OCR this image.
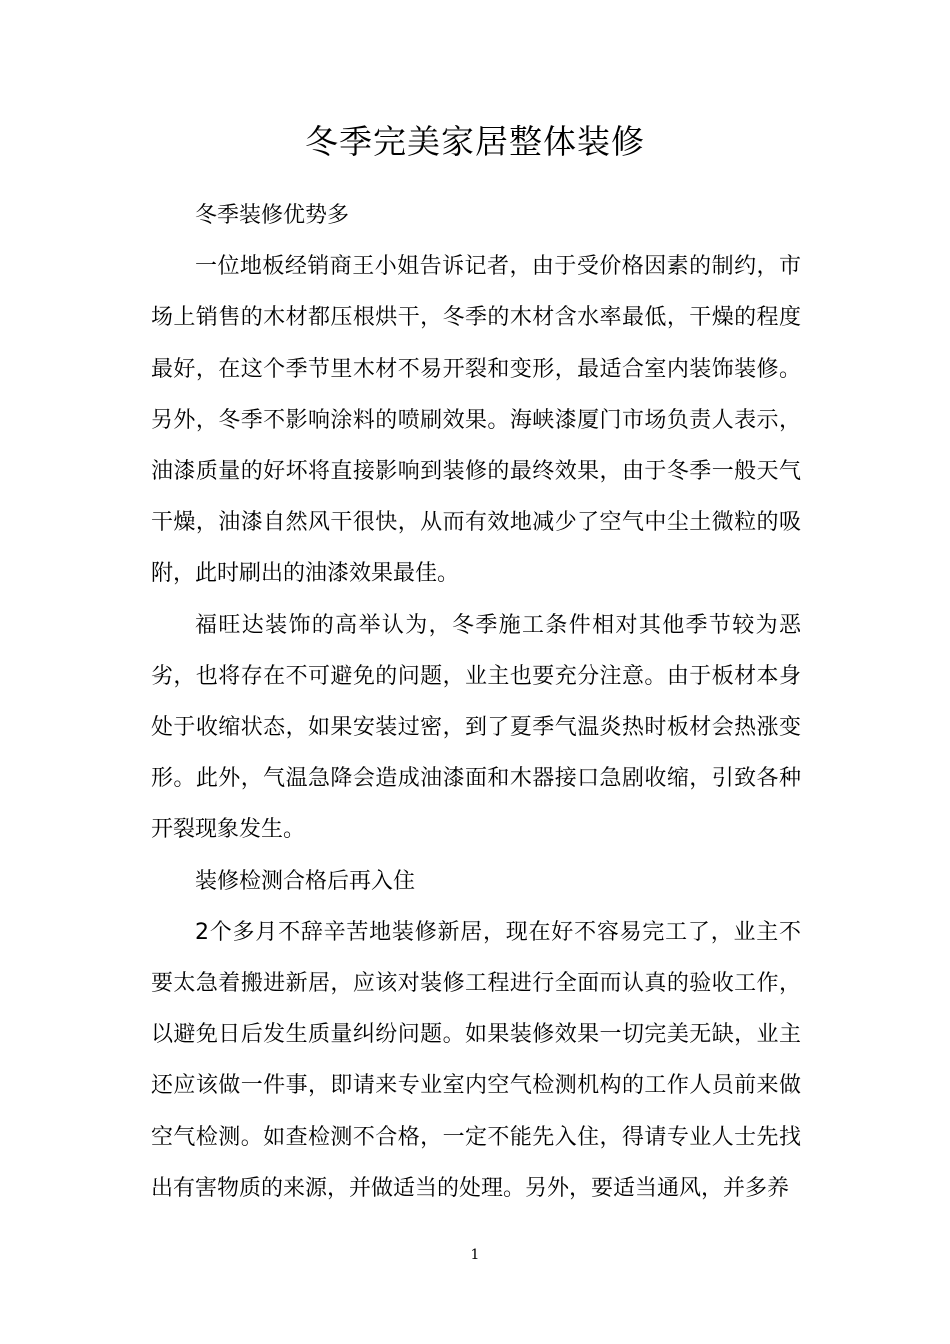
冬季完美家居整体装修

冬季装修优势多

一位地板经销商王小姐告诉记者，由于受价格因素的制约，市场上销售的木材都压根烘干，冬季的木材含水率最低，干燥的程度最好，在这个季节里木材不易开裂和变形，最适合室内装饰装修。另外，冬季不影响涂料的喷刷效果。海峡漆厦门市场负责人表示，油漆质量的好坏将直接影响到装修的最终效果，由于冬季一般天气干燥，油漆自然风干很快，从而有效地减少了空气中尘土微粒的吸附，此时刷出的油漆效果最佳。

福旺达装饰的高举认为，冬季施工条件相对其他季节较为恶劣，也将存在不可避免的问题，业主也要充分注意。由于板材本身处于收缩状态，如果安装过密，到了夏季气温炎热时板材会热涨变形。此外，气温急降会造成油漆面和木器接口急剧收缩，引致各种开裂现象发生。

装修检测合格后再入住

2个多月不辞辛苦地装修新居，现在好不容易完工了，业主不要太急着搬进新居，应该对装修工程进行全面而认真的验收工作，以避免日后发生质量纠纷问题。如果装修效果一切完美无缺，业主还应该做一件事，即请来专业室内空气检测机构的工作人员前来做空气检测。如查检测不合格，一定不能先入住，得请专业人士先找出有害物质的来源，并做适当的处理。另外，要适当通风，并多养

1
